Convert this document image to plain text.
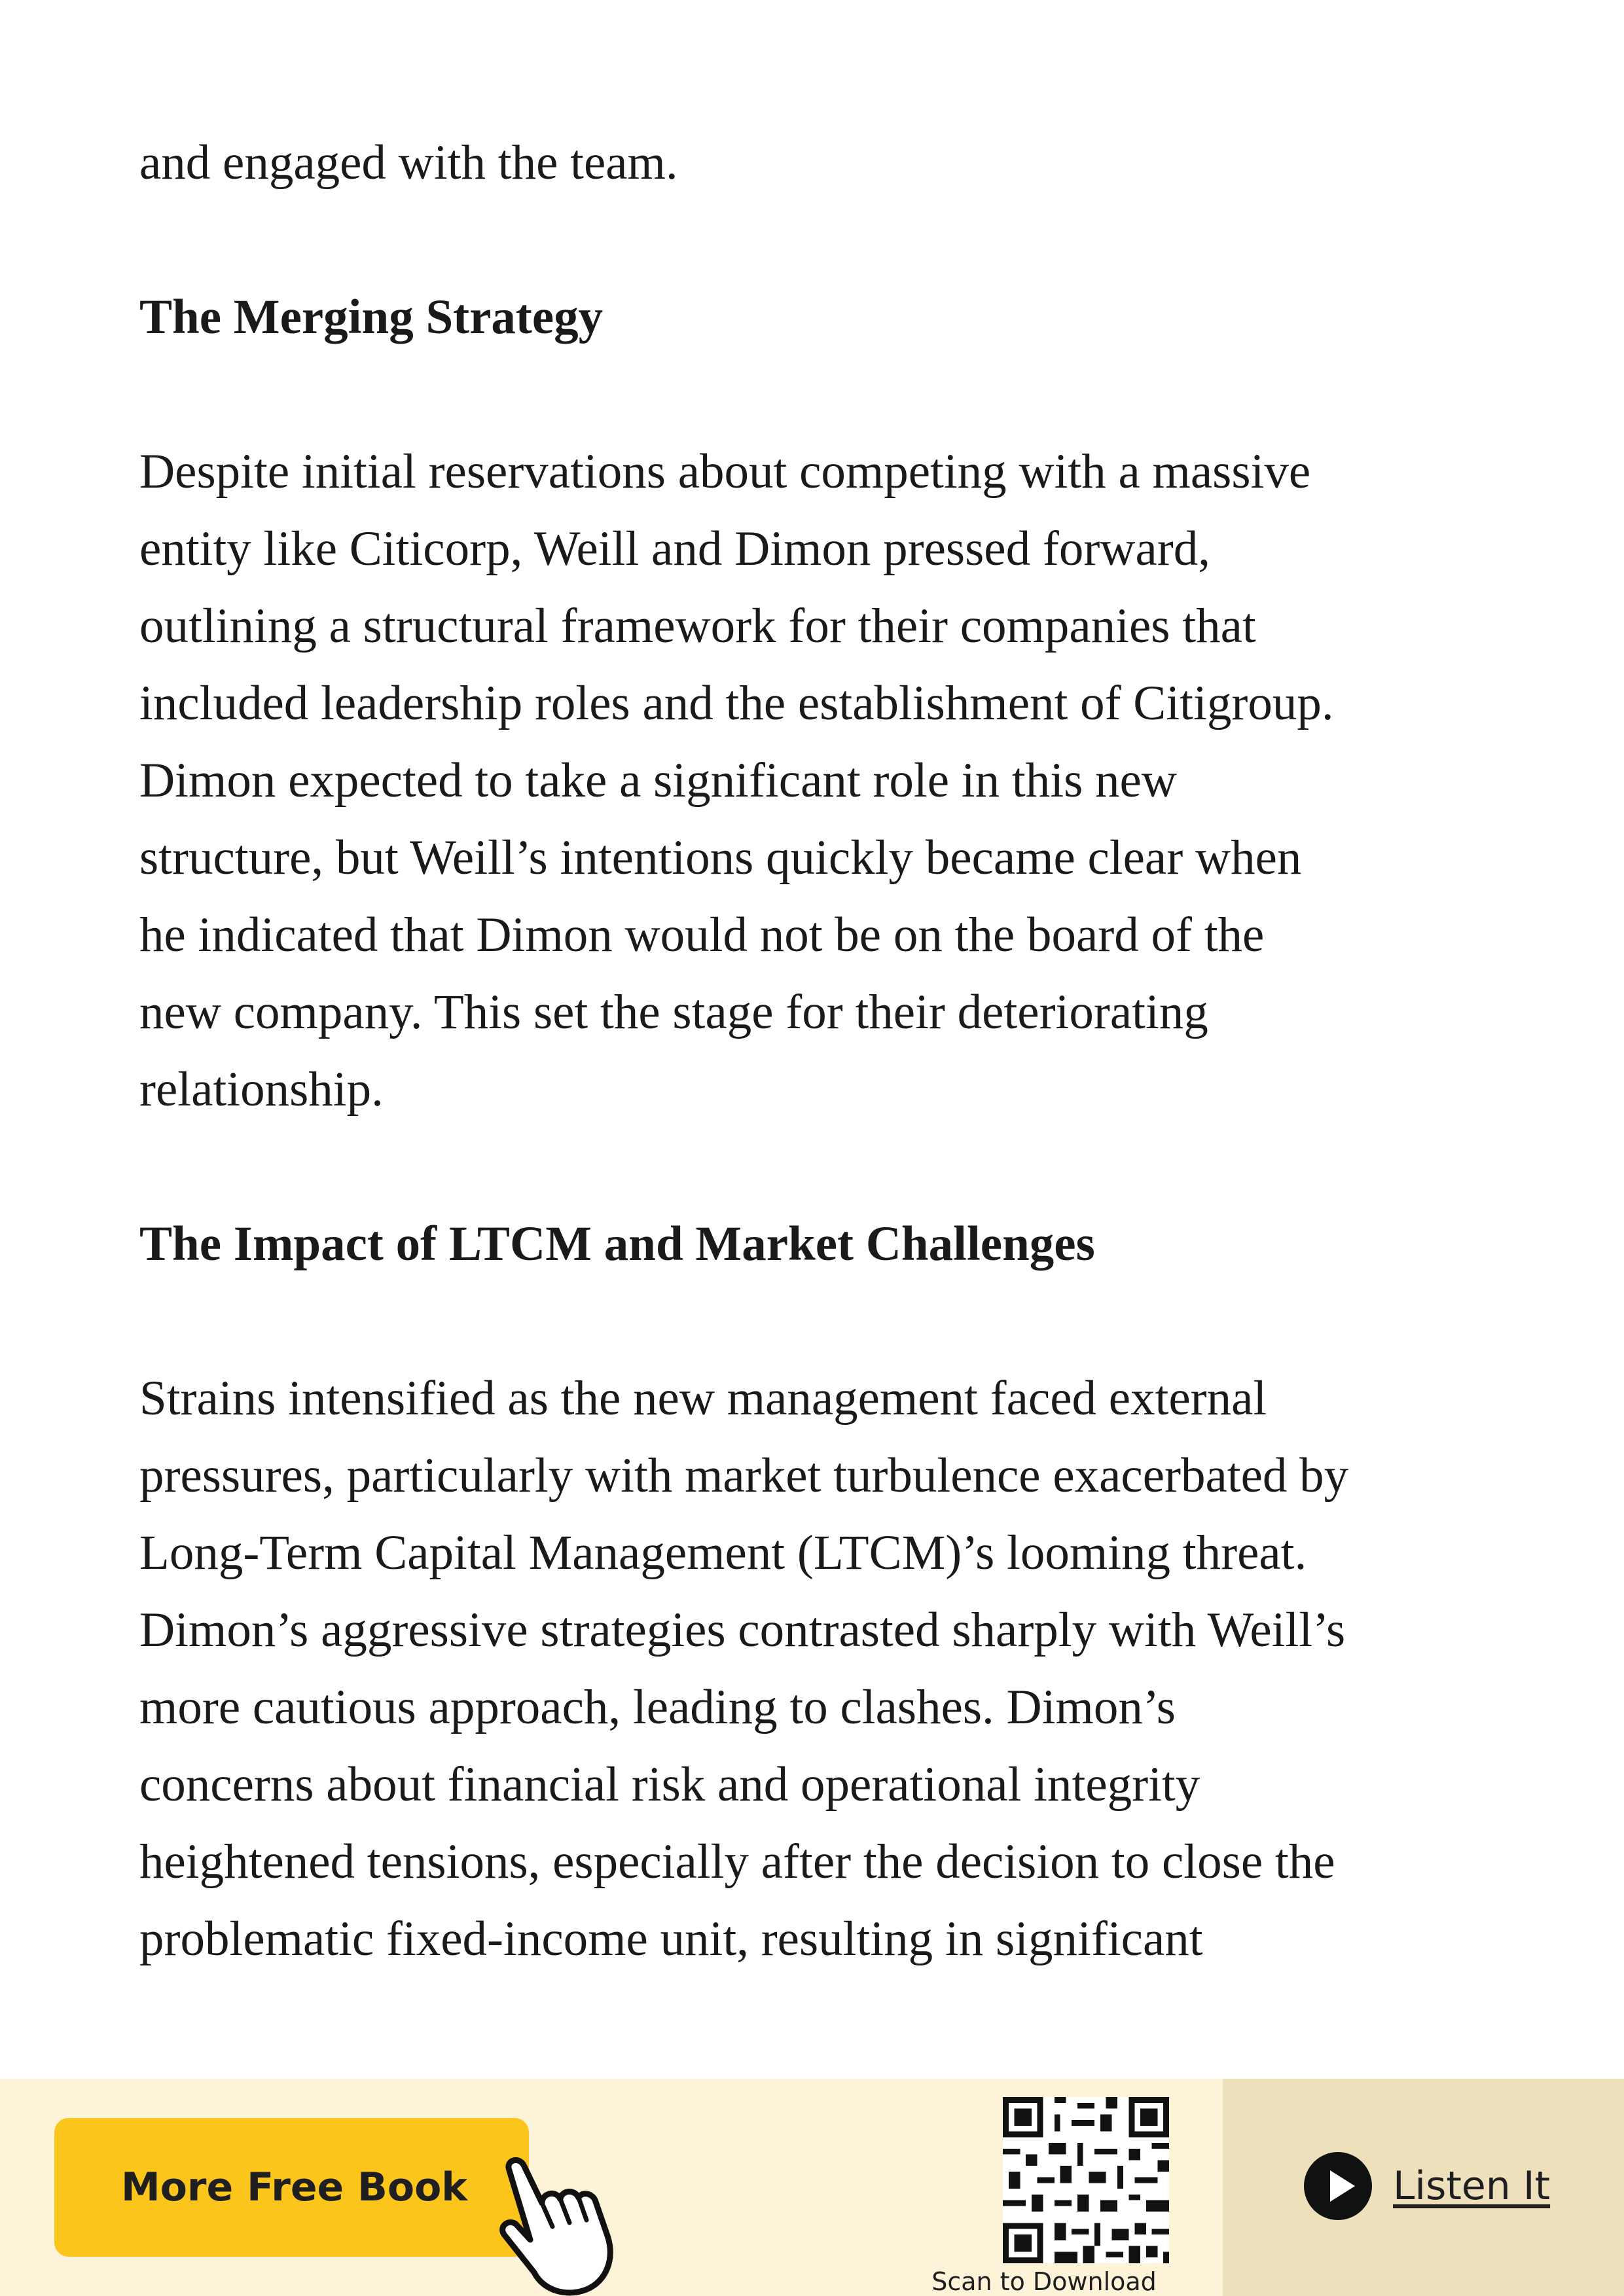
and engaged with the team.

The Merging Strategy

Despite initial reservations about competing with a massive
entity like Citicorp, Weill and Dimon pressed forward,
outlining a structural framework for their companies that
included leadership roles and the establishment of Citigroup.
Dimon expected to take a significant role in this new
structure, but Weill’s intentions quickly became clear when
he indicated that Dimon would not be on the board of the
new company. This set the stage for their deteriorating
relationship.

The Impact of LTCM and Market Challenges

Strains intensified as the new management faced external
pressures, particularly with market turbulence exacerbated by
Long-Term Capital Management (LTCM)’s looming threat.
Dimon’s aggressive strategies contrasted sharply with Weill’s
more cautious approach, leading to clashes. Dimon’s
concerns about financial risk and operational integrity
heightened tensions, especially after the decision to close the
problematic fixed-income unit, resulting in significant

More Free Book
Scan to Download
Listen It
